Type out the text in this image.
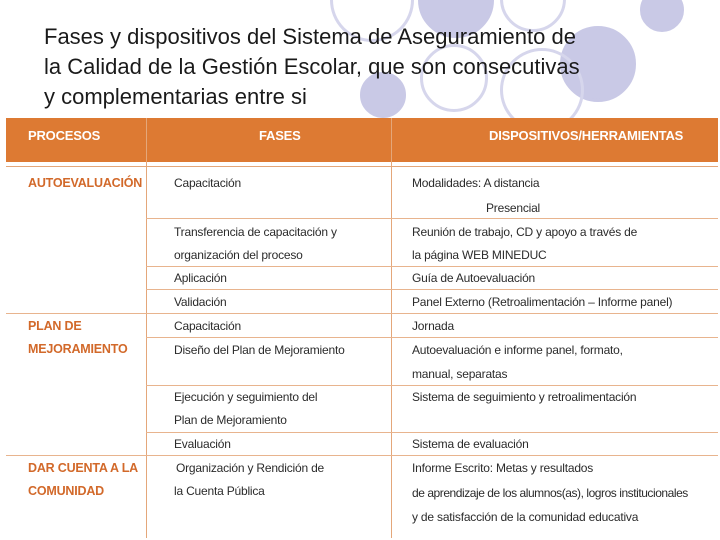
Fases y dispositivos del Sistema de Aseguramiento de
la Calidad de la Gestión Escolar, que son consecutivas
y complementarias entre si
PROCESOS	FASES	DISPOSITIVOS/HERRAMIENTAS
AUTOEVALUACIÓN
PLAN DE
MEJORAMIENTO
DAR CUENTA A LA
COMUNIDAD
Capacitación
Transferencia de capacitación y
organización del proceso
Aplicación
Validación
Capacitación
Diseño del Plan de Mejoramiento
Ejecución y seguimiento del
Plan de Mejoramiento
Evaluación
Organización y Rendición de
la Cuenta Pública
Modalidades: A distancia
Presencial
Reunión de trabajo, CD y apoyo a través de
la página WEB MINEDUC
Guía de Autoevaluación
Panel Externo (Retroalimentación – Informe panel)
Jornada
Autoevaluación e informe panel, formato,
manual, separatas
Sistema de seguimiento y retroalimentación
Sistema de evaluación
Informe Escrito: Metas y resultados
de aprendizaje de los alumnos(as), logros institucionales
y de satisfacción de la comunidad educativa
